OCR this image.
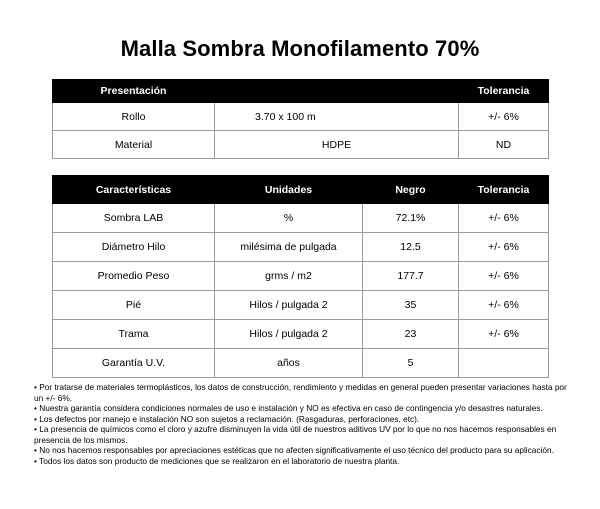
Malla Sombra Monofilamento 70%
Presentación		Tolerancia
Rollo	3.70 x 100 m	+/- 6%
Material	HDPE	ND
Características	Unidades	Negro	Tolerancia
Sombra LAB	%	72.1%	+/- 6%
Diámetro Hilo	milésima de pulgada	12.5	+/- 6%
Promedio Peso	grms / m2	177.7	+/- 6%
Pié	Hilos / pulgada 2	35	+/- 6%
Trama	Hilos / pulgada 2	23	+/- 6%
Garantía U.V.	años	5	

• Por tratarse de materiales termoplásticos, los datos de construcción, rendimiento y medidas en general pueden presentar variaciones hasta por un +/- 6%.

• Nuestra garantía considera condiciones normales de uso e instalación y NO es efectiva en caso de contingencia y/o desastres naturales.

• Los defectos por manejo e instalación NO son sujetos a reclamación. (Rasgaduras, perforaciones, etc).

• La presencia de químicos como el cloro y azufre disminuyen la vida útil de nuestros aditivos UV por lo que no nos hacemos responsables en presencia de los mismos.

• No nos hacemos responsables por apreciaciones estéticas que no afecten significativamente el uso técnico del producto para su aplicación.

• Todos los datos son producto de mediciones que se realizaron en el laboratorio de nuestra planta.
